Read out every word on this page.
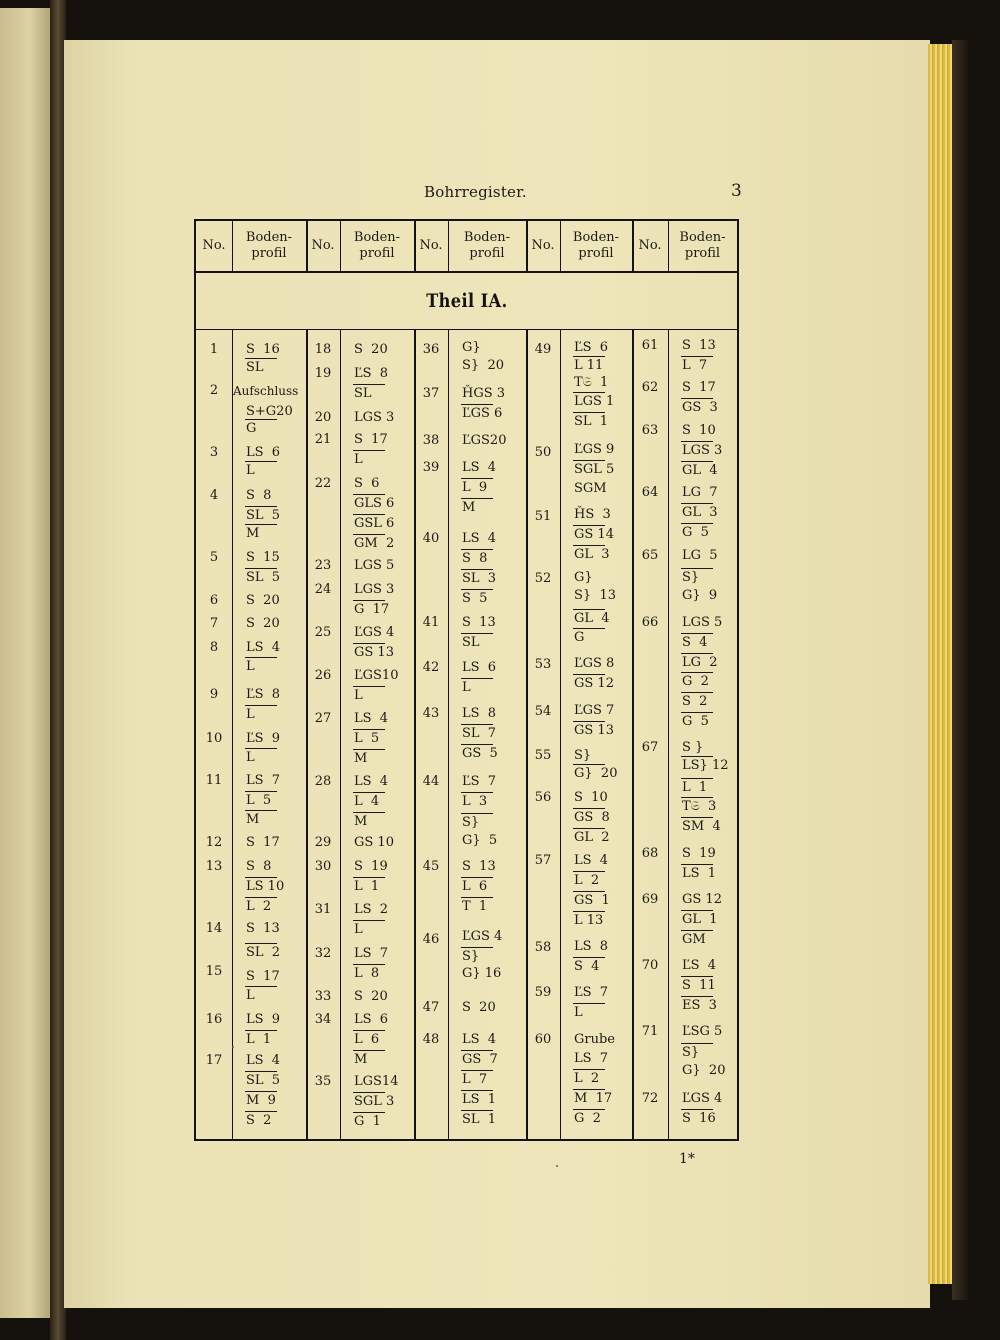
Bohrregister.	3
No.
Boden-
profil
No.
Boden-
profil
No.
Boden-
profil
No.
Boden-
profil
No.
Boden-
profil
Theil IA.
1
2
3
4
5
6
7
8
9
10
11
12
13
14
15
16
17
S  16
SL
Aufschluss
S+G20
G
LS  6
L
S  8
SL  5
M
S  15
SL  5
S  20
S  20
LS  4
L
ĽS  8
L
ĽS  9
L
LS  7
L  5
M
S  17
S  8
LS 10
L  2
S  13
SL  2
S  17
L
LS  9
L  1
LS  4
SL  5
M  9
S  2
18
19
20
21
22
23
24
25
26
27
28
29
30
31
32
33
34
35
S  20
ĽS  8
SL
LGS 3
S  17
L
S  6
GLS 6
GSL 6
GM  2
LGS 5
LGS 3
G  17
ĽGS 4
GS 13
ĽGS10
L
LS  4
L  5
M
LS  4
L  4
M
GS 10
S  19
L  1
LS  2
L
LS  7
L  8
S  20
LS  6
L  6
M
LGS14
SGL 3
G  1
36
37
38
39
40
41
42
43
44
45
46
47
48
G}
S}  20
ȞGS 3
ĽGS 6
ĽGS20
LS  4
L  9
M
LS  4
S  8
SL  3
S  5
S  13
SL
LS  6
L
LS  8
SL  7
GS  5
ĽS  7
L  3
S}
G}  5
S  13
L  6
T  1
ĽGS 4
S}
G} 16
S  20
LS  4
GS  7
L  7
LS  1
SL  1
49
50
51
52
53
54
55
56
57
58
59
60
ĽS  6
L 11
T𝔖  1
LGS 1
SL  1
ĽGS 9
SGL 5
SGM
ȞS  3
GS 14
GL  3
G}
S}  13
GL  4
G
ĽGS 8
GS 12
ĽGS 7
GS 13
S}
G}  20
S  10
GS  8
GL  2
LS  4
L  2
GS  1
L 13
LS  8
S  4
ĽS  7
L
Grube
LS  7
L  2
M  17
G  2
61
62
63
64
65
66
67
68
69
70
71
72
S  13
L  7
S  17
GS  3
S  10
LGS 3
GL  4
LG  7
GL  3
G  5
LG  5
S}
G}  9
LGS 5
S  4
LG  2
G  2
S  2
G  5
S }
LS} 12
L  1
T𝔖  3
SM  4
S  19
LS  1
GS 12
GL  1
GM
ĽS  4
S  11
ES  3
ĽSG 5
S}
G}  20
ĽGS 4
S  16
1*
